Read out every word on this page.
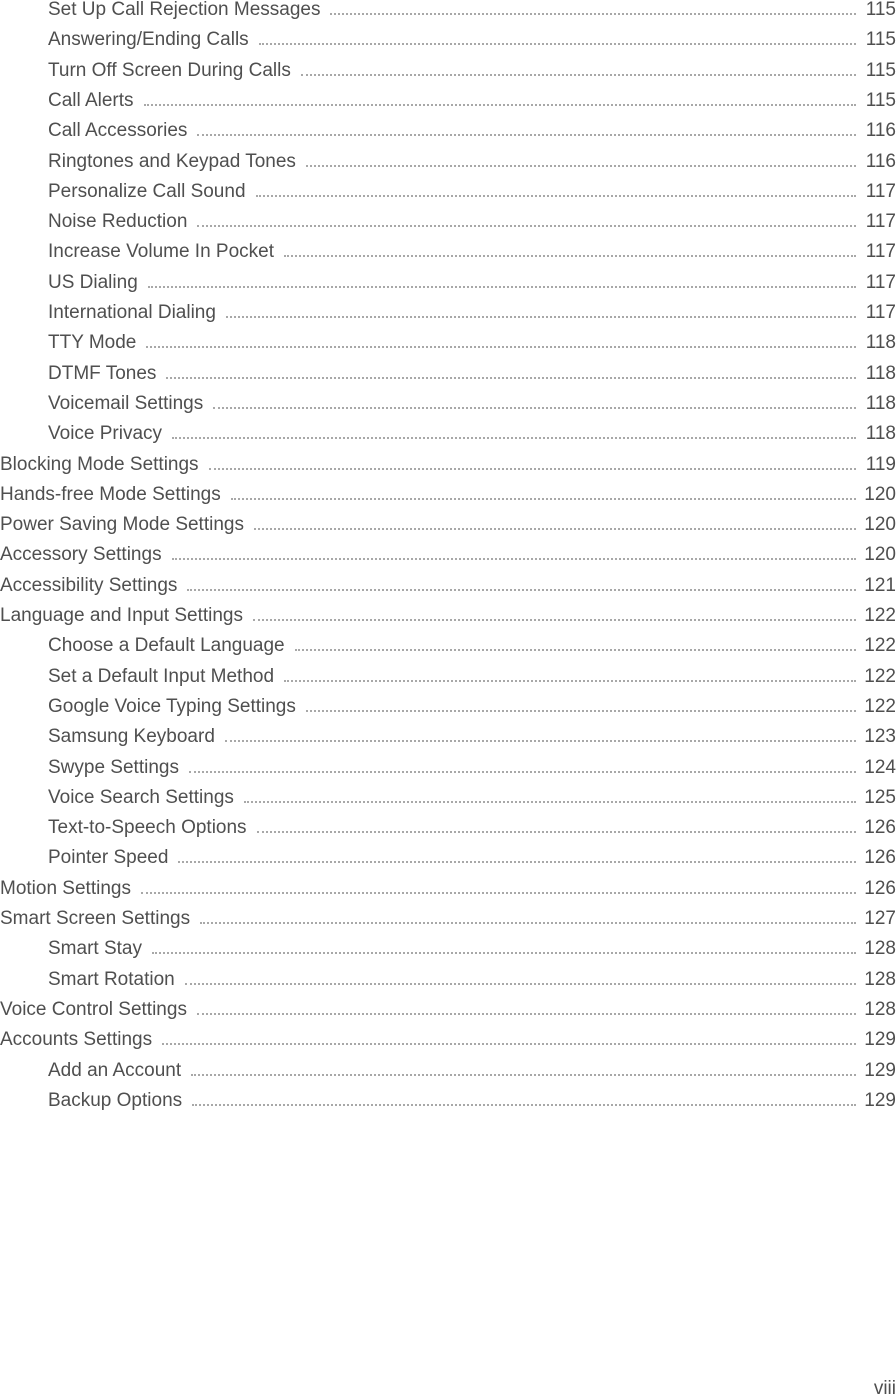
Set Up Call Rejection Messages	115
Answering/Ending Calls	115
Turn Off Screen During Calls	115
Call Alerts	115
Call Accessories	116
Ringtones and Keypad Tones	116
Personalize Call Sound	117
Noise Reduction	117
Increase Volume In Pocket	117
US Dialing	117
International Dialing	117
TTY Mode	118
DTMF Tones	118
Voicemail Settings	118
Voice Privacy	118
Blocking Mode Settings	119
Hands-free Mode Settings	120
Power Saving Mode Settings	120
Accessory Settings	120
Accessibility Settings	121
Language and Input Settings	122
Choose a Default Language	122
Set a Default Input Method	122
Google Voice Typing Settings	122
Samsung Keyboard	123
Swype Settings	124
Voice Search Settings	125
Text-to-Speech Options	126
Pointer Speed	126
Motion Settings	126
Smart Screen Settings	127
Smart Stay	128
Smart Rotation	128
Voice Control Settings	128
Accounts Settings	129
Add an Account	129
Backup Options	129
viii
